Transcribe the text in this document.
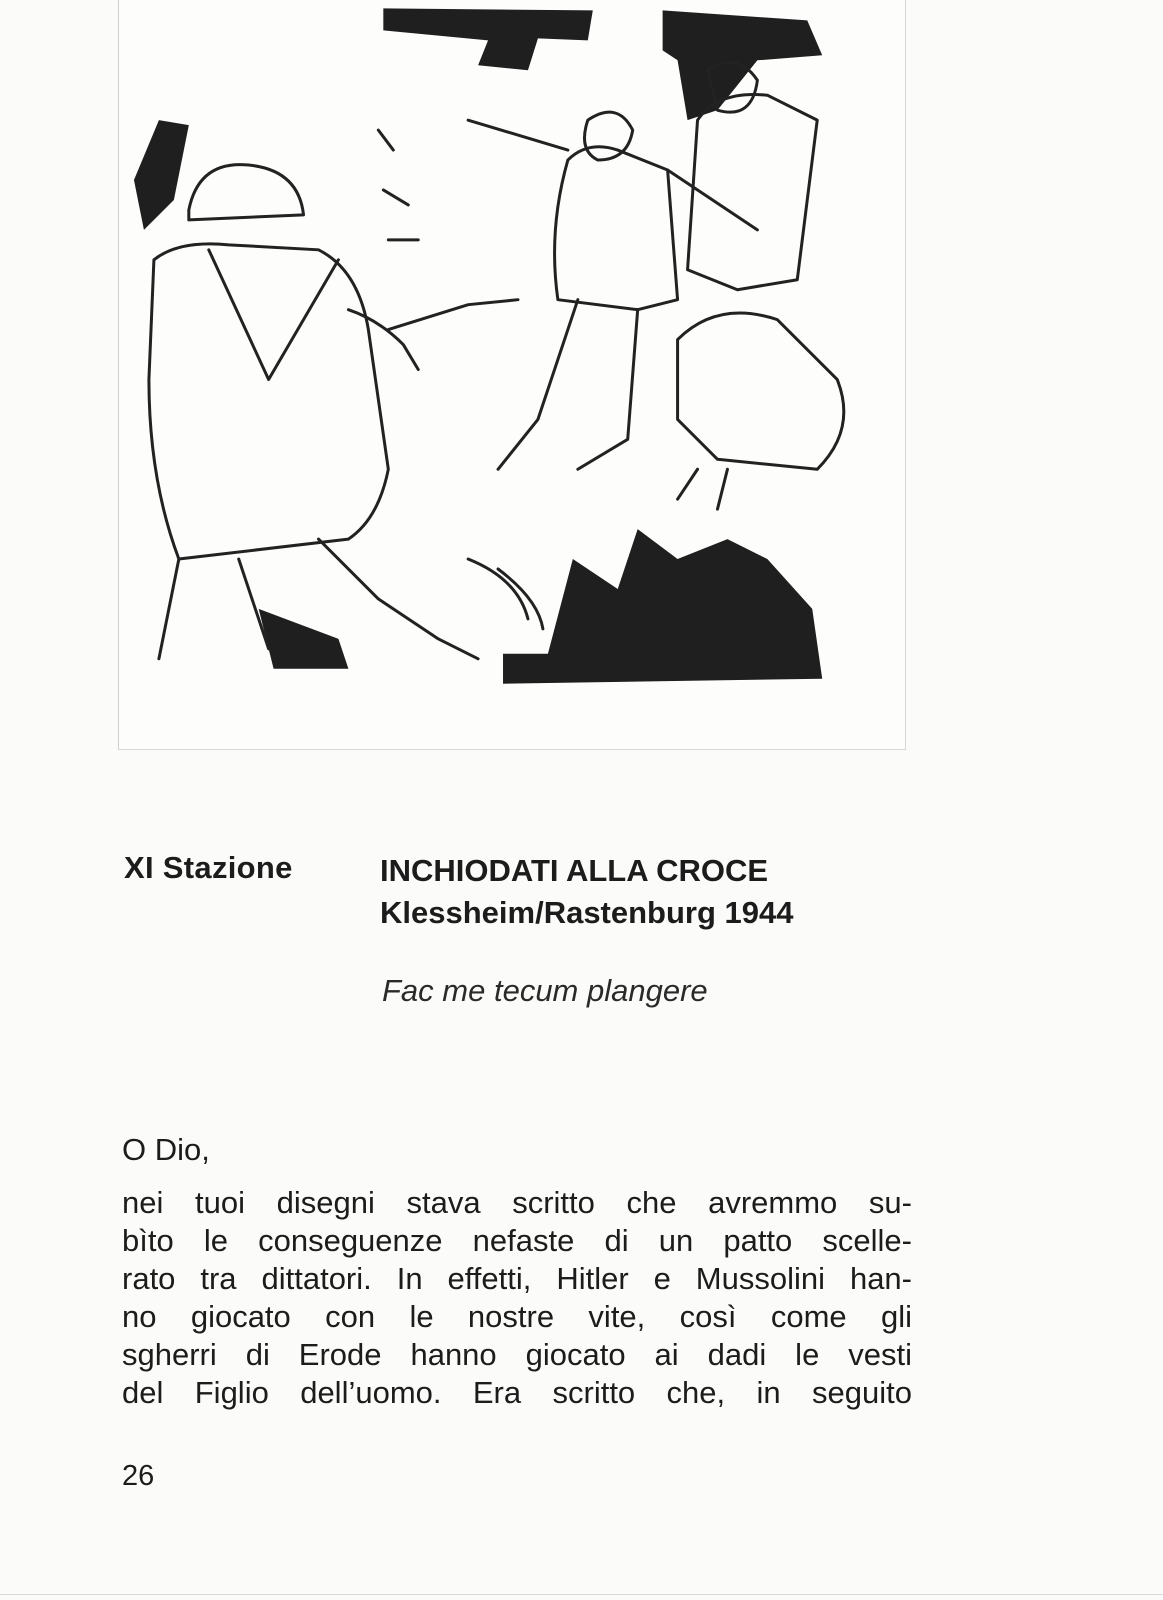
XI Stazione	INCHIODATI ALLA CROCE
Klessheim/Rastenburg 1944
Fac me tecum plangere
O Dio,
nei tuoi disegni stava scritto che avremmo su-
bìto le conseguenze nefaste di un patto scelle-
rato tra dittatori. In effetti, Hitler e Mussolini han-
no giocato con le nostre vite, così come gli
sgherri di Erode hanno giocato ai dadi le vesti
del Figlio dell’uomo. Era scritto che, in seguito
26
